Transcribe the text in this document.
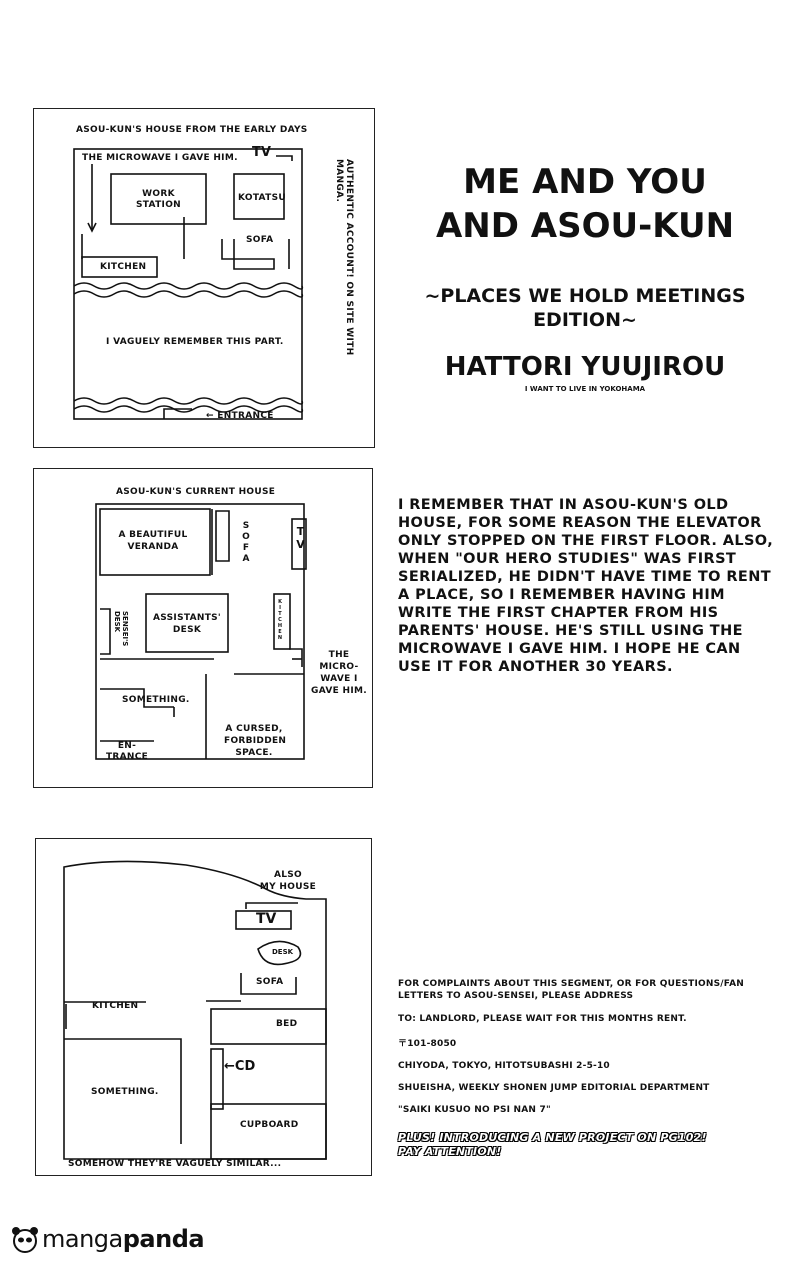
ASOU-KUN'S HOUSE FROM THE EARLY DAYS
THE MICROWAVE I GAVE HIM. TV
WORK
STATION
KOTATSU
SOFA
KITCHEN
I VAGUELY REMEMBER THIS PART.
← ENTRANCE
AUTHENTIC ACCOUNT! ON SITE WITH MANGA.	ME AND YOU
AND ASOU-KUN
~PLACES WE HOLD MEETINGS
EDITION~
HATTORI YUUJIROU
I WANT TO LIVE IN YOKOHAMA
ASOU-KUN'S CURRENT HOUSE
A BEAUTIFUL
VERANDA	SOFA	TV
ASSISTANTS'
DESK
SENSEI'S DESK	KITCHEN
THE MICRO-
WAVE I
GAVE HIM.
SOMETHING.
EN-
TRANCE
A CURSED,
FORBIDDEN
SPACE.
I REMEMBER THAT IN ASOU-KUN'S OLD
HOUSE, FOR SOME REASON THE ELEVATOR
ONLY STOPPED ON THE FIRST FLOOR. ALSO,
WHEN "OUR HERO STUDIES" WAS FIRST
SERIALIZED, HE DIDN'T HAVE TIME TO RENT
A PLACE, SO I REMEMBER HAVING HIM
WRITE THE FIRST CHAPTER FROM HIS
PARENTS' HOUSE. HE'S STILL USING THE
MICROWAVE I GAVE HIM. I HOPE HE CAN
USE IT FOR ANOTHER 30 YEARS.
ALSO
MY HOUSE
TV
DESK
SOFA
KITCHEN
BED
←CD
SOMETHING.
CUPBOARD
SOMEHOW THEY'RE VAGUELY SIMILAR...
FOR COMPLAINTS ABOUT THIS SEGMENT, OR FOR QUESTIONS/FAN
LETTERS TO ASOU-SENSEI, PLEASE ADDRESS
TO: LANDLORD, PLEASE WAIT FOR THIS MONTHS RENT.
〒101-8050
CHIYODA, TOKYO, HITOTSUBASHI 2-5-10
SHUEISHA, WEEKLY SHONEN JUMP EDITORIAL DEPARTMENT
"SAIKI KUSUO NO PSI NAN 7"
PLUS! INTRODUCING A NEW PROJECT ON PG102!
PAY ATTENTION!
manga panda
